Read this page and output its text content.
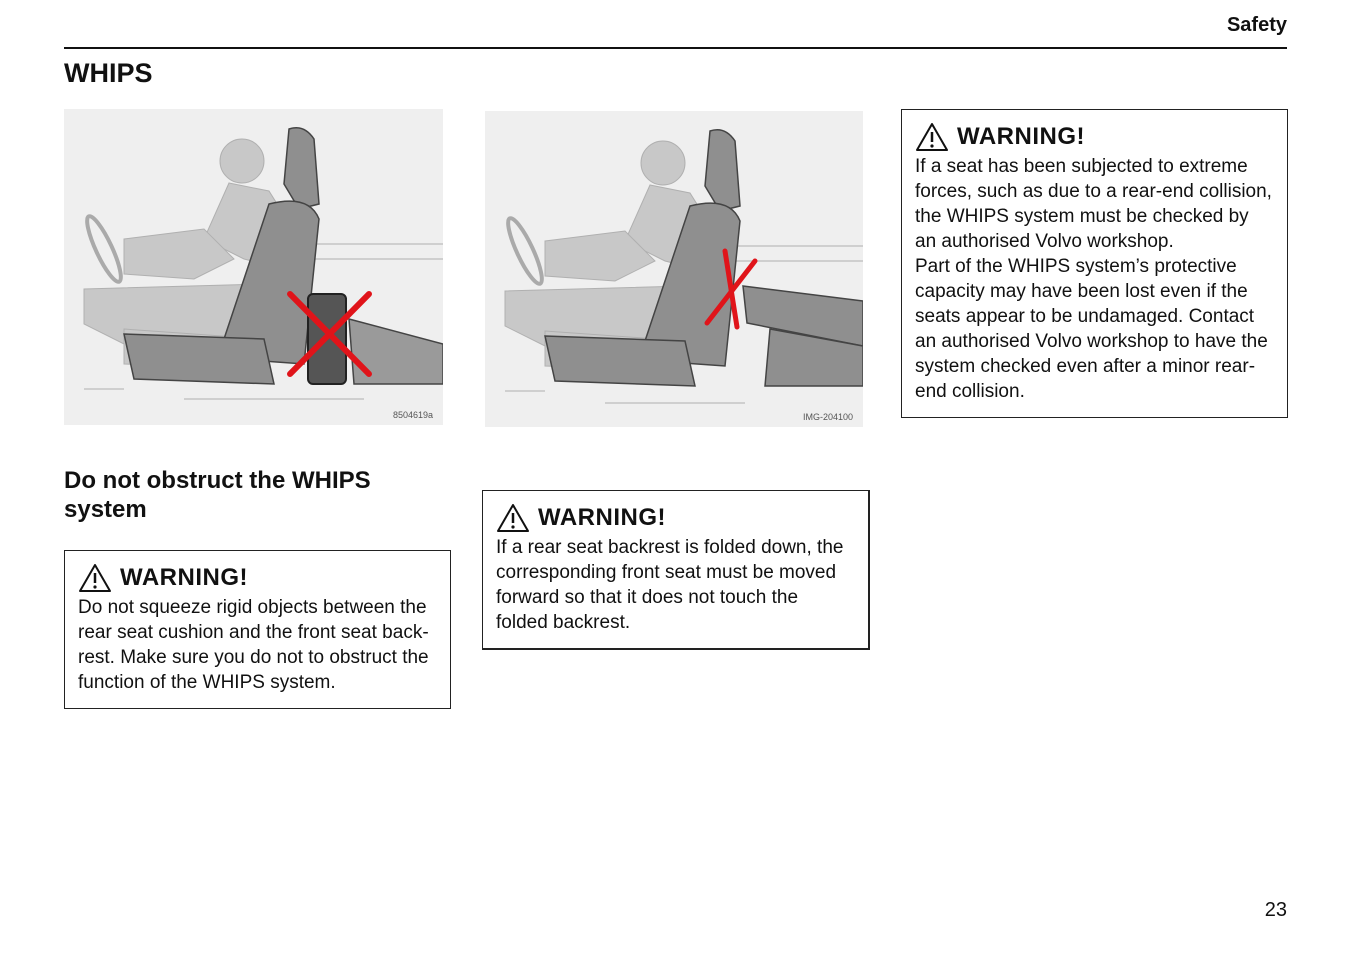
Safety
WHIPS
8504619a	IMG-204100
Do not obstruct the WHIPS system
WARNING!
Do not squeeze rigid objects between the
rear seat cushion and the front seat back-
rest. Make sure you do not to obstruct the
function of the WHIPS system.
WARNING!
If a rear seat backrest is folded down, the
corresponding front seat must be moved
forward so that it does not touch the
folded backrest.
WARNING!
If a seat has been subjected to extreme
forces, such as due to a rear-end collision,
the WHIPS system must be checked by
an authorised Volvo workshop.
Part of the WHIPS system’s protective
capacity may have been lost even if the
seats appear to be undamaged. Contact
an authorised Volvo workshop to have the
system checked even after a minor rear-
end collision.
23
